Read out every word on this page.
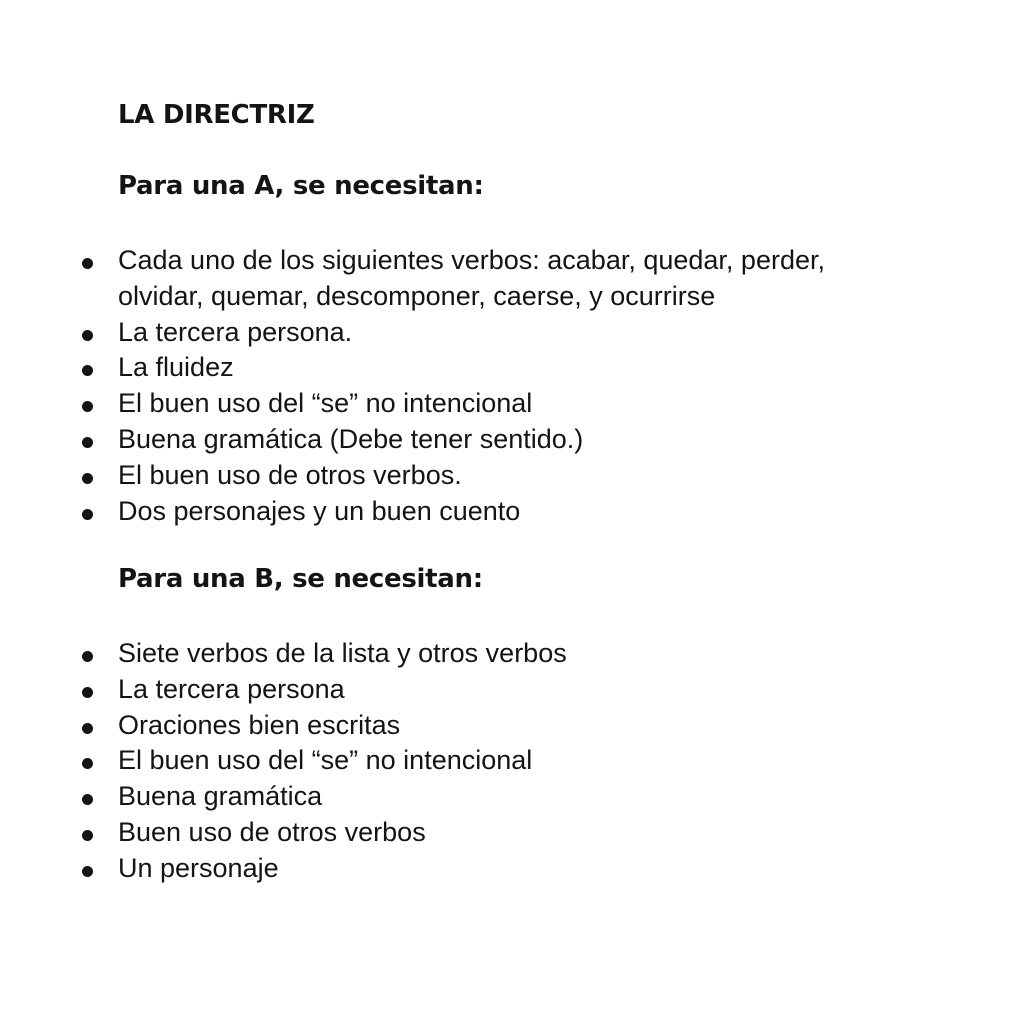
LA DIRECTRIZ
Para una A, se necesitan:
Cada uno de los siguientes verbos: acabar, quedar, perder, olvidar, quemar, descomponer, caerse, y ocurrirse
La tercera persona.
La fluidez
El buen uso del “se” no intencional
Buena gramática (Debe tener sentido.)
El buen uso de otros verbos.
Dos personajes y un buen cuento
Para una B, se necesitan:
Siete verbos de la lista y otros verbos
La tercera persona
Oraciones bien escritas
El buen uso del “se” no intencional
Buena gramática
Buen uso de otros verbos
Un personaje
